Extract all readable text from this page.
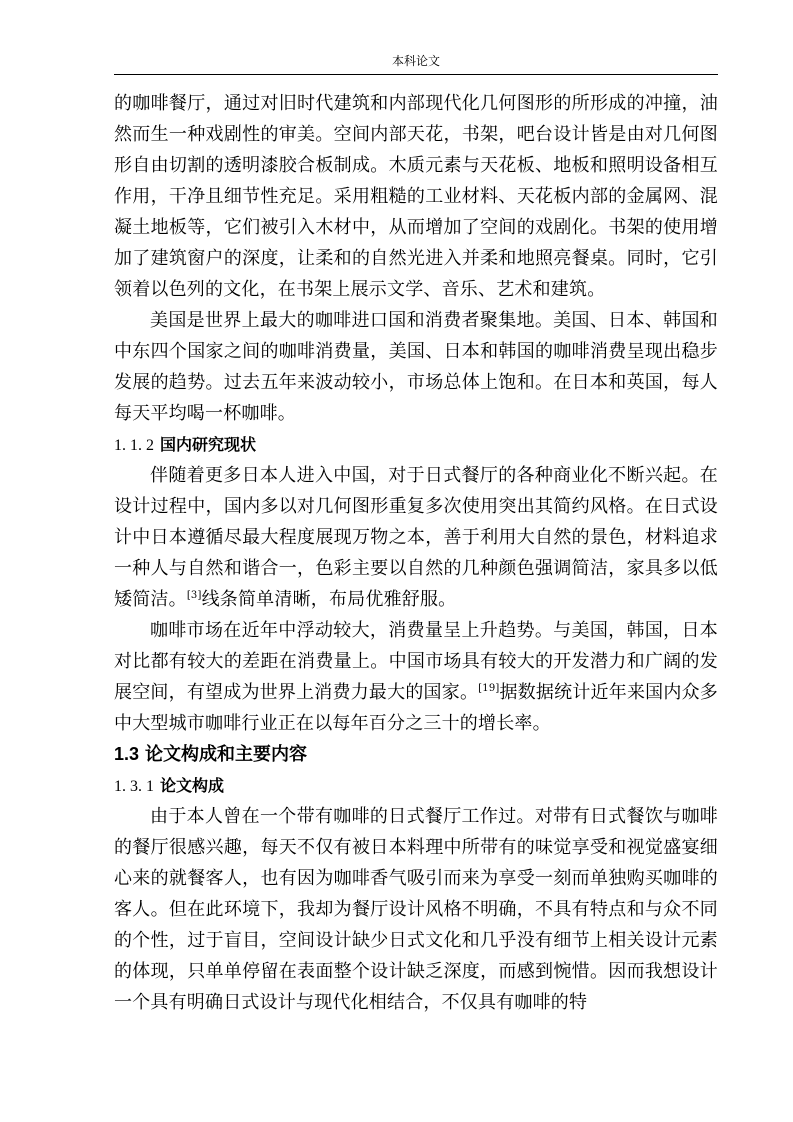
本科论文

的咖啡餐厅，通过对旧时代建筑和内部现代化几何图形的所形成的冲撞，油然而生一种戏剧性的审美。空间内部天花，书架，吧台设计皆是由对几何图形自由切割的透明漆胶合板制成。木质元素与天花板、地板和照明设备相互作用，干净且细节性充足。采用粗糙的工业材料、天花板内部的金属网、混凝土地板等，它们被引入木材中，从而增加了空间的戏剧化。书架的使用增加了建筑窗户的深度，让柔和的自然光进入并柔和地照亮餐桌。同时，它引领着以色列的文化，在书架上展示文学、音乐、艺术和建筑。

美国是世界上最大的咖啡进口国和消费者聚集地。美国、日本、韩国和中东四个国家之间的咖啡消费量，美国、日本和韩国的咖啡消费呈现出稳步发展的趋势。过去五年来波动较小，市场总体上饱和。在日本和英国，每人每天平均喝一杯咖啡。

1. 1. 2 国内研究现状

伴随着更多日本人进入中国，对于日式餐厅的各种商业化不断兴起。在设计过程中，国内多以对几何图形重复多次使用突出其简约风格。在日式设计中日本遵循尽最大程度展现万物之本，善于利用大自然的景色，材料追求一种人与自然和谐合一，色彩主要以自然的几种颜色强调简洁，家具多以低矮简洁。[3]线条简单清晰，布局优雅舒服。

咖啡市场在近年中浮动较大，消费量呈上升趋势。与美国，韩国，日本对比都有较大的差距在消费量上。中国市场具有较大的开发潜力和广阔的发展空间，有望成为世界上消费力最大的国家。[19]据数据统计近年来国内众多中大型城市咖啡行业正在以每年百分之三十的增长率。

1.3 论文构成和主要内容
1. 3. 1 论文构成

由于本人曾在一个带有咖啡的日式餐厅工作过。对带有日式餐饮与咖啡的餐厅很感兴趣，每天不仅有被日本料理中所带有的味觉享受和视觉盛宴细心来的就餐客人，也有因为咖啡香气吸引而来为享受一刻而单独购买咖啡的客人。但在此环境下，我却为餐厅设计风格不明确，不具有特点和与众不同的个性，过于盲目，空间设计缺少日式文化和几乎没有细节上相关设计元素的体现，只单单停留在表面整个设计缺乏深度，而感到惋惜。因而我想设计一个具有明确日式设计与现代化相结合，不仅具有咖啡的特
